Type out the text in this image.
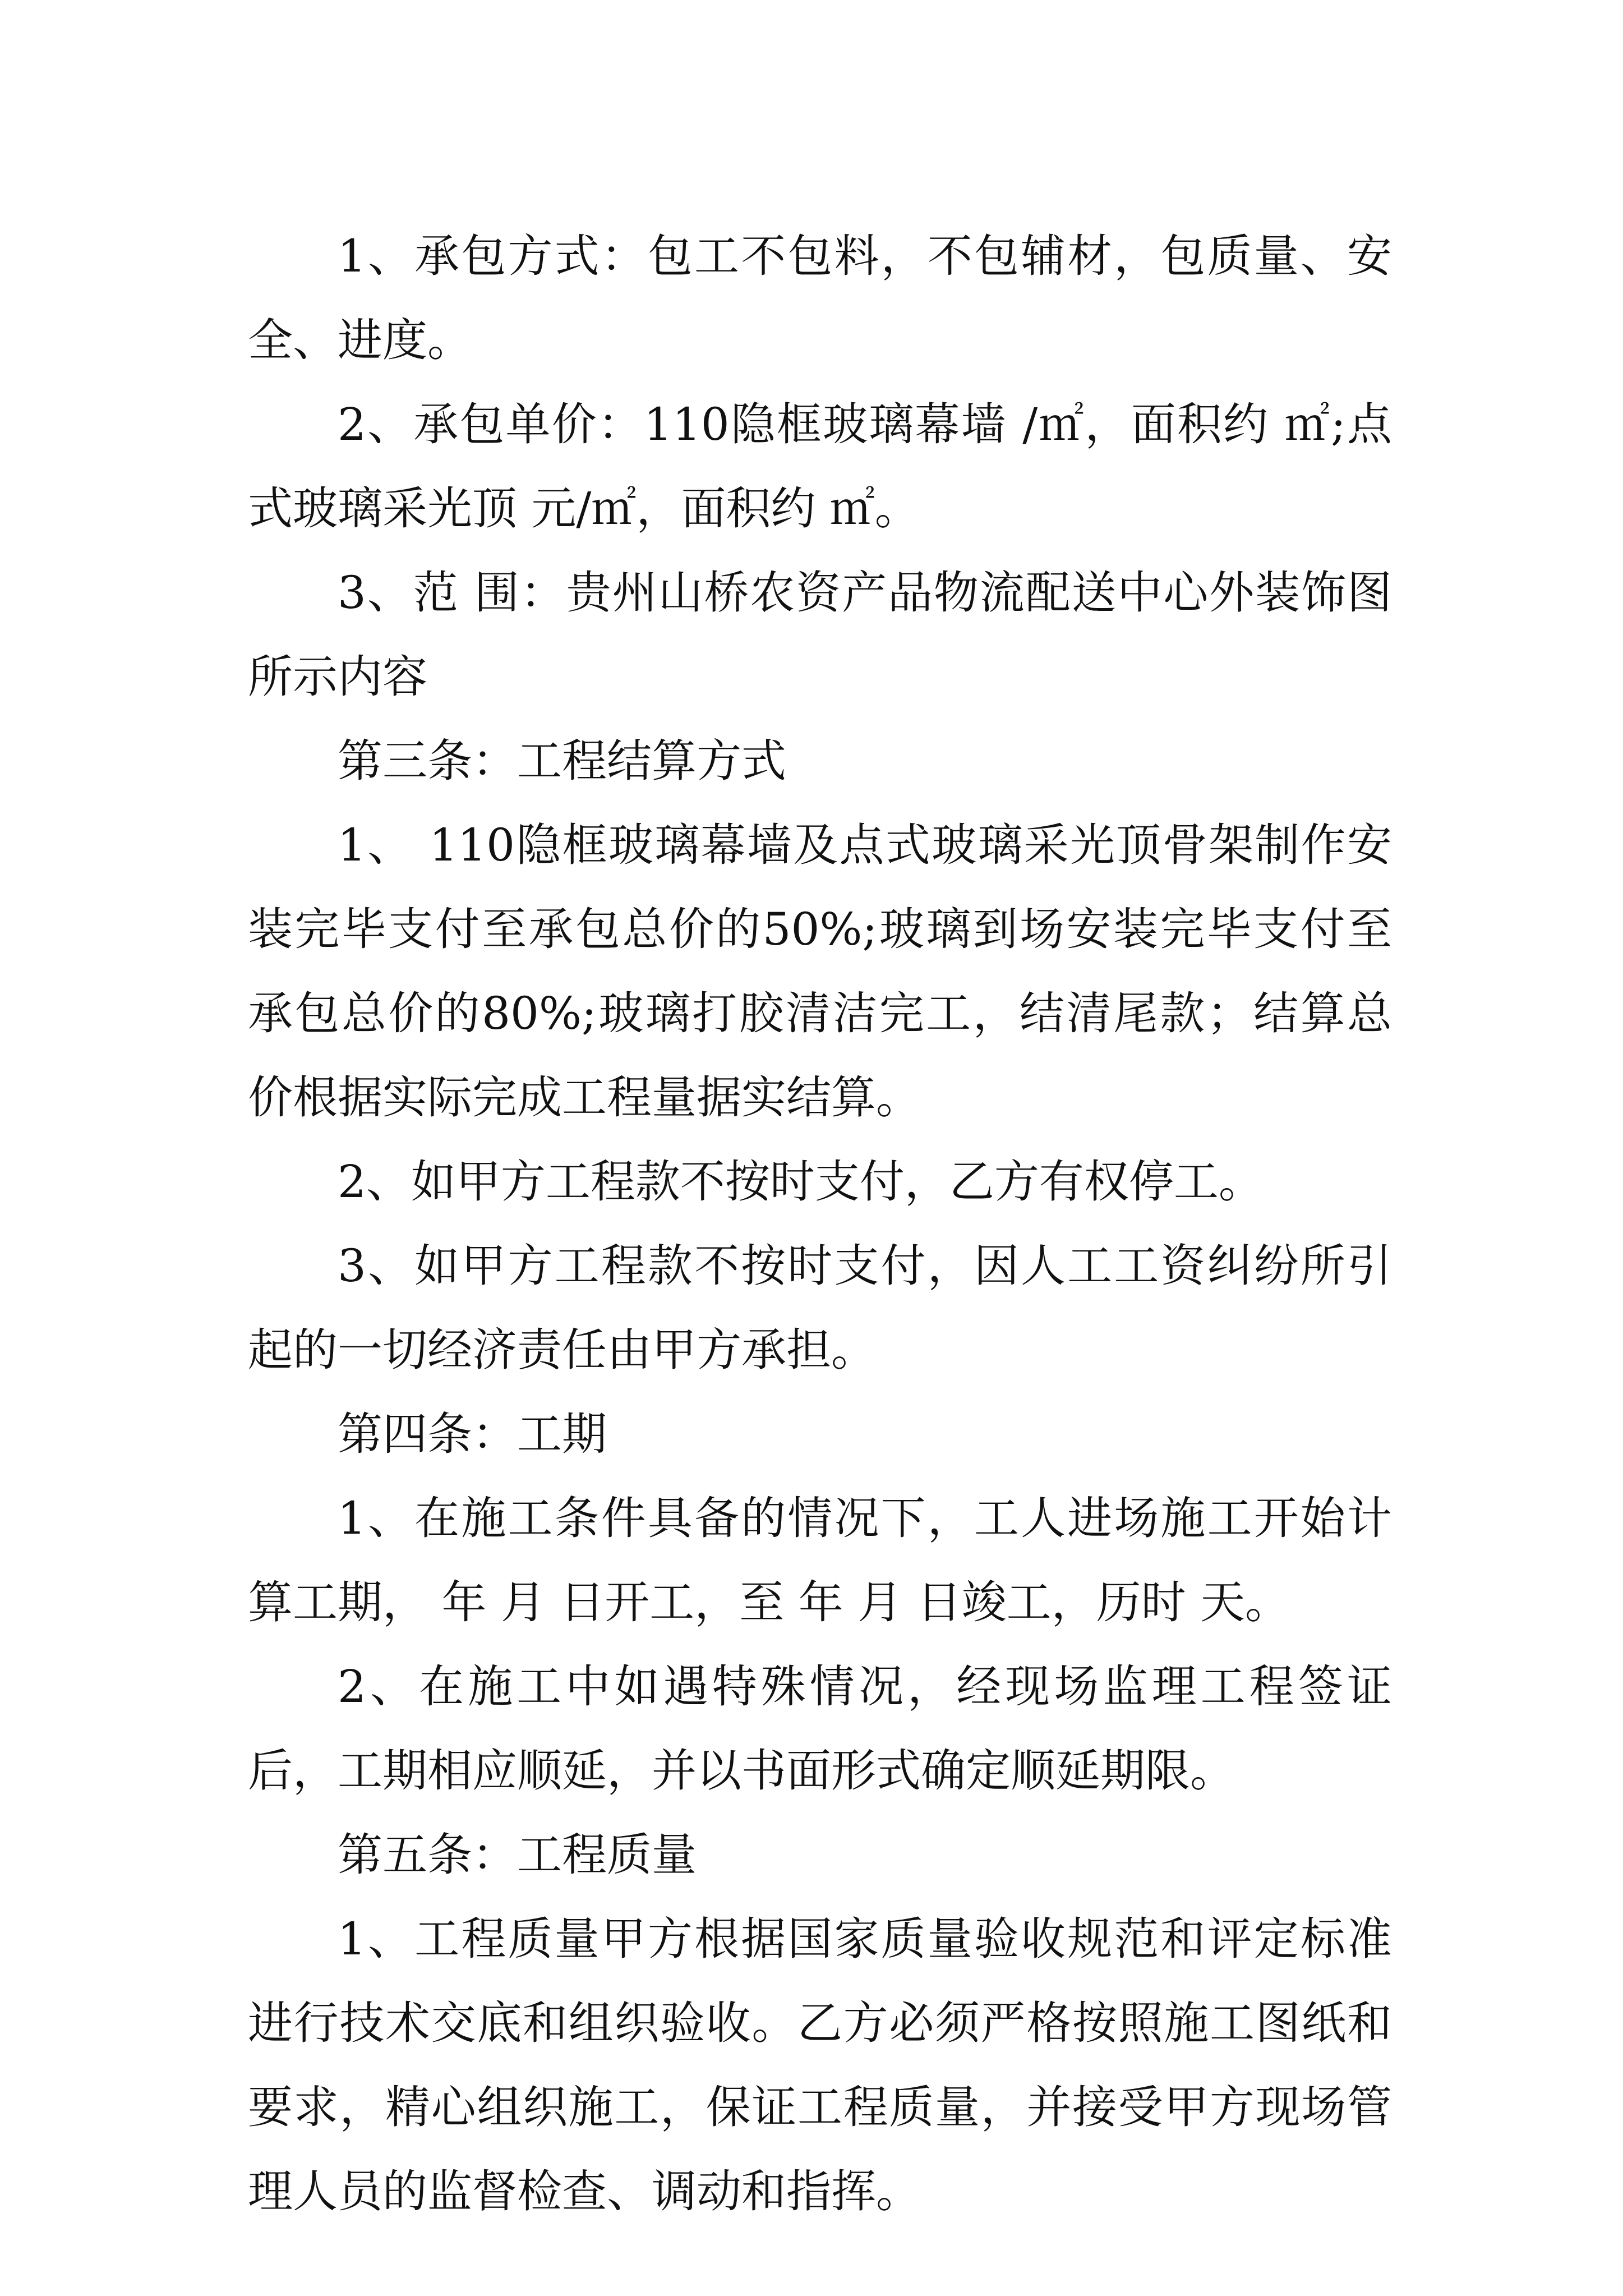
1、承包方式：包工不包料，不包辅材，包质量、安全、进度。

2、承包单价：110隐框玻璃幕墙 /㎡，面积约 ㎡;点式玻璃采光顶 元/㎡，面积约 ㎡。

3、范 围：贵州山桥农资产品物流配送中心外装饰图所示内容

第三条：工程结算方式

1、 110隐框玻璃幕墙及点式玻璃采光顶骨架制作安装完毕支付至承包总价的50%;玻璃到场安装完毕支付至承包总价的80%;玻璃打胶清洁完工，结清尾款；结算总价根据实际完成工程量据实结算。

2、如甲方工程款不按时支付，乙方有权停工。

3、如甲方工程款不按时支付，因人工工资纠纷所引起的一切经济责任由甲方承担。

第四条：工期

1、在施工条件具备的情况下，工人进场施工开始计算工期， 年 月 日开工，至 年 月 日竣工，历时 天。

2、在施工中如遇特殊情况，经现场监理工程签证后，工期相应顺延，并以书面形式确定顺延期限。

第五条：工程质量

1、工程质量甲方根据国家质量验收规范和评定标准进行技术交底和组织验收。乙方必须严格按照施工图纸和要求，精心组织施工，保证工程质量，并接受甲方现场管理人员的监督检查、调动和指挥。
